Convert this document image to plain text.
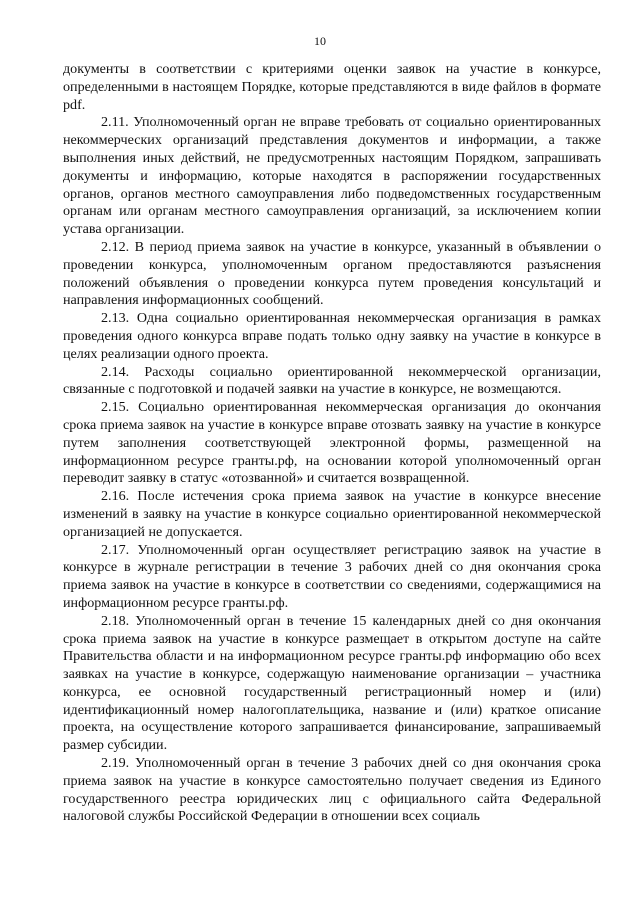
10

документы в соответствии с критериями оценки заявок на участие в конкурсе, определенными в настоящем Порядке, которые представляются в виде файлов в формате pdf.

2.11. Уполномоченный орган не вправе требовать от социально ориентированных некоммерческих организаций представления документов и информации, а также выполнения иных действий, не предусмотренных настоящим Порядком, запрашивать документы и информацию, которые находятся в распоряжении государственных органов, органов местного самоуправления либо подведомственных государственным органам или органам местного самоуправления организаций, за исключением копии устава организации.

2.12. В период приема заявок на участие в конкурсе, указанный в объявлении о проведении конкурса, уполномоченным органом предоставляются разъяснения положений объявления о проведении конкурса путем проведения консультаций и направления информационных сообщений.

2.13. Одна социально ориентированная некоммерческая организация в рамках проведения одного конкурса вправе подать только одну заявку на участие в конкурсе в целях реализации одного проекта.

2.14. Расходы социально ориентированной некоммерческой организации, связанные с подготовкой и подачей заявки на участие в конкурсе, не возмещаются.

2.15. Социально ориентированная некоммерческая организация до окончания срока приема заявок на участие в конкурсе вправе отозвать заявку на участие в конкурсе путем заполнения соответствующей электронной формы, размещенной на информационном ресурсе гранты.рф, на основании которой уполномоченный орган переводит заявку в статус «отозванной» и считается возвращенной.

2.16. После истечения срока приема заявок на участие в конкурсе внесение изменений в заявку на участие в конкурсе социально ориентированной некоммерческой организацией не допускается.

2.17. Уполномоченный орган осуществляет регистрацию заявок на участие в конкурсе в журнале регистрации в течение 3 рабочих дней со дня окончания срока приема заявок на участие в конкурсе в соответствии со сведениями, содержащимися на информационном ресурсе гранты.рф.

2.18. Уполномоченный орган в течение 15 календарных дней со дня окончания срока приема заявок на участие в конкурсе размещает в открытом доступе на сайте Правительства области и на информационном ресурсе гранты.рф информацию обо всех заявках на участие в конкурсе, содержащую наименование организации – участника конкурса, ее основной государственный регистрационный номер и (или) идентификационный номер налогоплательщика, название и (или) краткое описание проекта, на осуществление которого запрашивается финансирование, запрашиваемый размер субсидии.

2.19. Уполномоченный орган в течение 3 рабочих дней со дня окончания срока приема заявок на участие в конкурсе самостоятельно получает сведения из Единого государственного реестра юридических лиц с официального сайта Федеральной налоговой службы Российской Федерации в отношении всех социаль
